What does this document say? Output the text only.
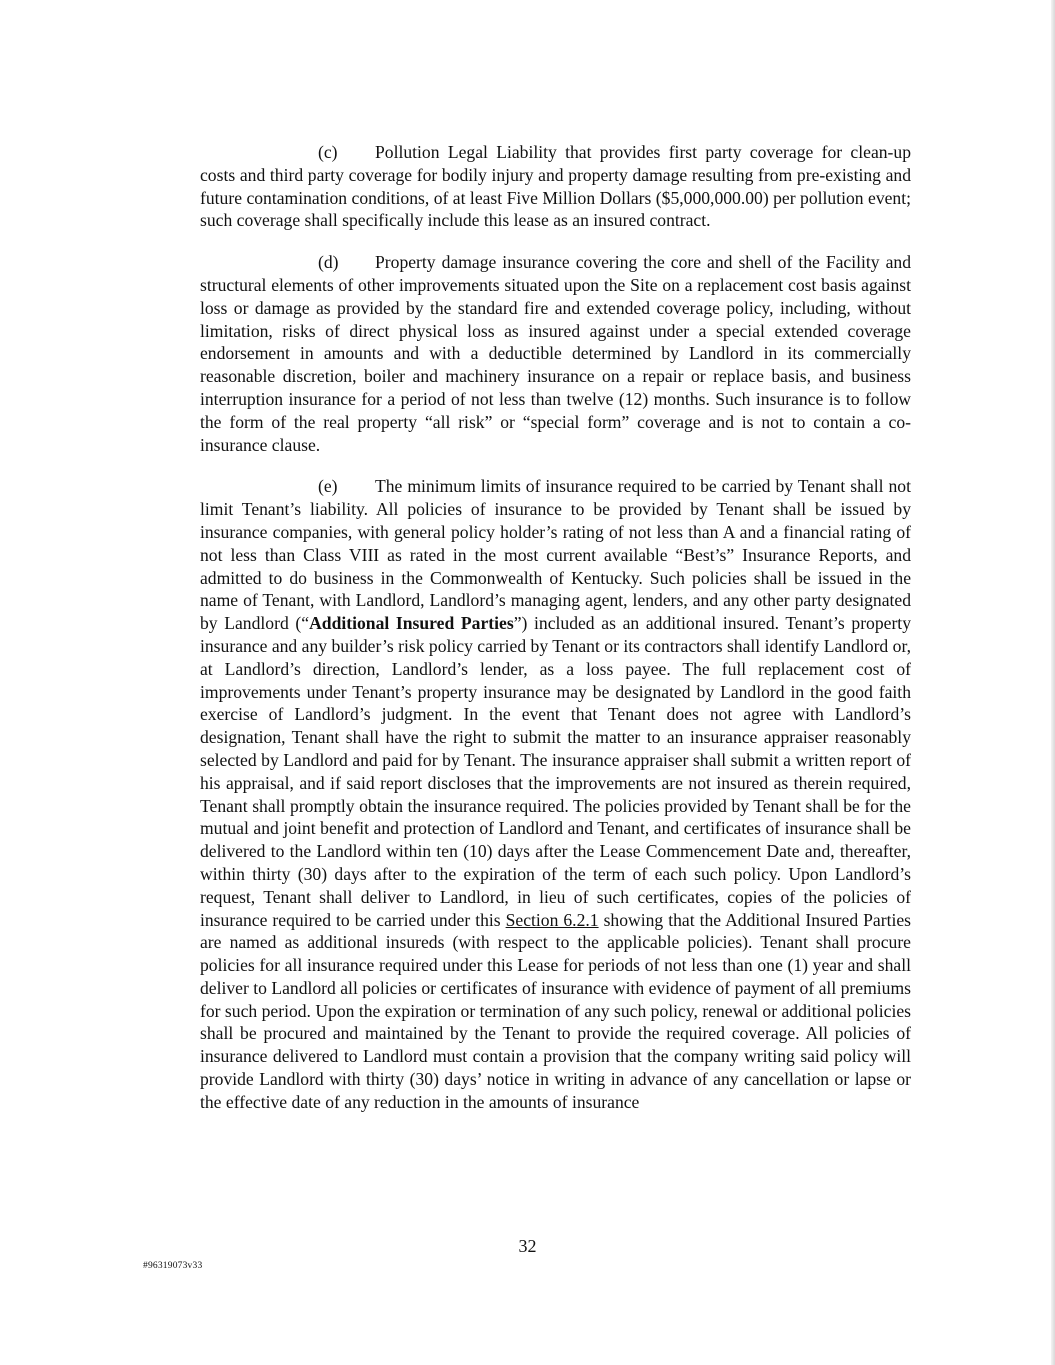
(c) Pollution Legal Liability that provides first party coverage for clean-up costs and third party coverage for bodily injury and property damage resulting from pre-existing and future contamination conditions, of at least Five Million Dollars ($5,000,000.00) per pollution event; such coverage shall specifically include this lease as an insured contract.

(d) Property damage insurance covering the core and shell of the Facility and structural elements of other improvements situated upon the Site on a replacement cost basis against loss or damage as provided by the standard fire and extended coverage policy, including, without limitation, risks of direct physical loss as insured against under a special extended coverage endorsement in amounts and with a deductible determined by Landlord in its commercially reasonable discretion, boiler and machinery insurance on a repair or replace basis, and business interruption insurance for a period of not less than twelve (12) months. Such insurance is to follow the form of the real property “all risk” or “special form” coverage and is not to contain a co-insurance clause.

(e) The minimum limits of insurance required to be carried by Tenant shall not limit Tenant’s liability. All policies of insurance to be provided by Tenant shall be issued by insurance companies, with general policy holder’s rating of not less than A and a financial rating of not less than Class VIII as rated in the most current available “Best’s” Insurance Reports, and admitted to do business in the Commonwealth of Kentucky. Such policies shall be issued in the name of Tenant, with Landlord, Landlord’s managing agent, lenders, and any other party designated by Landlord (“Additional Insured Parties”) included as an additional insured. Tenant’s property insurance and any builder’s risk policy carried by Tenant or its contractors shall identify Landlord or, at Landlord’s direction, Landlord’s lender, as a loss payee. The full replacement cost of improvements under Tenant’s property insurance may be designated by Landlord in the good faith exercise of Landlord’s judgment. In the event that Tenant does not agree with Landlord’s designation, Tenant shall have the right to submit the matter to an insurance appraiser reasonably selected by Landlord and paid for by Tenant. The insurance appraiser shall submit a written report of his appraisal, and if said report discloses that the improvements are not insured as therein required, Tenant shall promptly obtain the insurance required. The policies provided by Tenant shall be for the mutual and joint benefit and protection of Landlord and Tenant, and certificates of insurance shall be delivered to the Landlord within ten (10) days after the Lease Commencement Date and, thereafter, within thirty (30) days after to the expiration of the term of each such policy. Upon Landlord’s request, Tenant shall deliver to Landlord, in lieu of such certificates, copies of the policies of insurance required to be carried under this Section 6.2.1 showing that the Additional Insured Parties are named as additional insureds (with respect to the applicable policies). Tenant shall procure policies for all insurance required under this Lease for periods of not less than one (1) year and shall deliver to Landlord all policies or certificates of insurance with evidence of payment of all premiums for such period. Upon the expiration or termination of any such policy, renewal or additional policies shall be procured and maintained by the Tenant to provide the required coverage. All policies of insurance delivered to Landlord must contain a provision that the company writing said policy will provide Landlord with thirty (30) days’ notice in writing in advance of any cancellation or lapse or the effective date of any reduction in the amounts of insurance

32
#96319073v33
